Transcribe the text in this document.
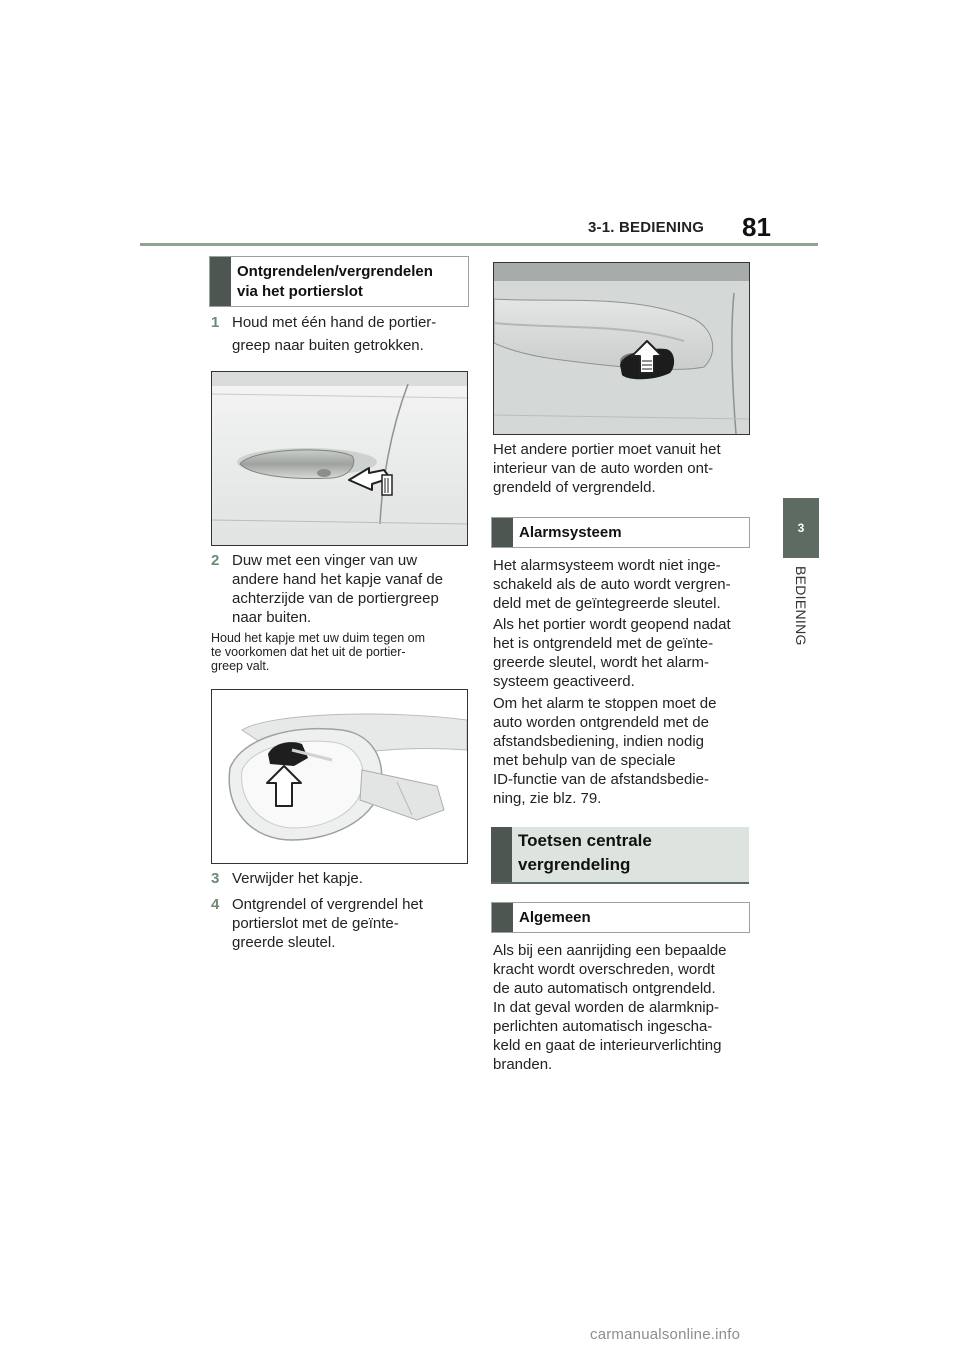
3-1. BEDIENING 81
3
BEDIENING
Ontgrendelen/vergrendelen
via het portierslot
1 Houd met één hand de portier-
greep naar buiten getrokken.
2 Duw met een vinger van uw
andere hand het kapje vanaf de
achterzijde van de portiergreep
naar buiten.
Houd het kapje met uw duim tegen om
te voorkomen dat het uit de portier-
greep valt.
3 Verwijder het kapje.
4 Ontgrendel of vergrendel het
portierslot met de geïnte-
greerde sleutel.
Het andere portier moet vanuit het
interieur van de auto worden ont-
grendeld of vergrendeld.
Alarmsysteem
Het alarmsysteem wordt niet inge-
schakeld als de auto wordt vergren-
deld met de geïntegreerde sleutel.
Als het portier wordt geopend nadat
het is ontgrendeld met de geïnte-
greerde sleutel, wordt het alarm-
systeem geactiveerd.
Om het alarm te stoppen moet de
auto worden ontgrendeld met de
afstandsbediening, indien nodig
met behulp van de speciale
ID-functie van de afstandsbedie-
ning, zie blz. 79.
Toetsen centrale
vergrendeling
Algemeen
Als bij een aanrijding een bepaalde
kracht wordt overschreden, wordt
de auto automatisch ontgrendeld.
In dat geval worden de alarmknip-
perlichten automatisch ingescha-
keld en gaat de interieurverlichting
branden.
carmanualsonline.info
